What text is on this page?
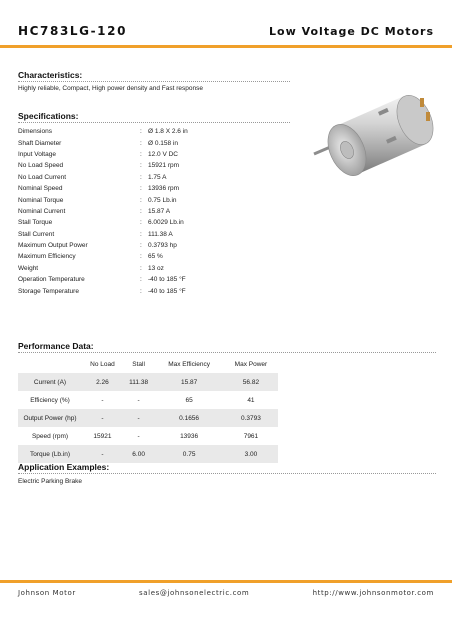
HC783LG-120	Low Voltage DC Motors
Characteristics:
Highly reliable, Compact, High power density and Fast response
Specifications:
Dimensions	: Ø 1.8 X 2.6 in
Shaft Diameter	: Ø 0.158 in
Input Voltage	: 12.0 V DC
No Load Speed	: 15921 rpm
No Load Current	: 1.75 A
Nominal Speed	: 13936 rpm
Nominal Torque	: 0.75 Lb.in
Nominal Current	: 15.87 A
Stall Torque	: 6.0029 Lb.in
Stall Current	: 111.38 A
Maximum Output Power	: 0.3793 hp
Maximum Efficiency	: 65 %
Weight	: 13 oz
Operation Temperature	: -40 to 185 °F
Storage Temperature	: -40 to 185 °F
Performance Data:
	No Load	Stall	Max Efficiency	Max Power
Current (A)	2.26	111.38	15.87	56.82
Efficiency (%)	-	-	65	41
Output Power (hp)	-	-	0.1656	0.3793
Speed (rpm)	15921	-	13936	7961
Torque (Lb.in)	-	6.00	0.75	3.00
Application Examples:
Electric Parking Brake
Johnson Motor	sales@johnsonelectric.com	http://www.johnsonmotor.com
